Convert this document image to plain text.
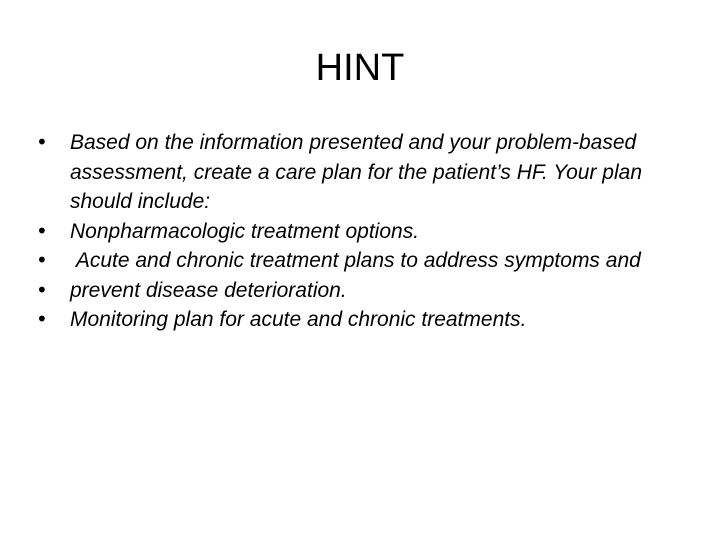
HINT
• Based on the information presented and your problem-based assessment, create a care plan for the patient’s HF. Your plan should include:
• Nonpharmacologic treatment options.
• Acute and chronic treatment plans to address symptoms and
• prevent disease deterioration.
• Monitoring plan for acute and chronic treatments.
